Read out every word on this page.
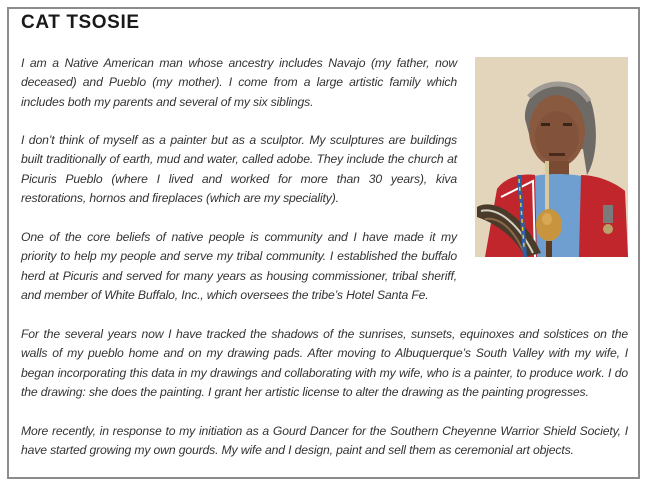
CAT TSOSIE

I am a Native American man whose ancestry includes Navajo (my father, now deceased) and Pueblo (my mother). I come from a large artistic family which includes both my parents and several of my six siblings.

I don’t think of myself as a painter but as a sculptor. My sculptures are buildings built traditionally of earth, mud and water, called adobe. They include the church at Picuris Pueblo (where I lived and worked for more than 30 years), kiva restorations, hornos and fireplaces (which are my speciality).

One of the core beliefs of native people is community and I have made it my priority to help my people and serve my tribal community. I established the buffalo herd at Picuris and served for many years as housing commissioner, tribal sheriff, and member of White Buffalo, Inc., which oversees the tribe’s Hotel Santa Fe.

For the several years now I have tracked the shadows of the sunrises, sunsets, equinoxes and solstices on the walls of my pueblo home and on my drawing pads. After moving to Albuquerque’s South Valley with my wife, I began incorporating this data in my drawings and collaborating with my wife, who is a painter, to produce work. I do the drawing: she does the painting. I grant her artistic license to alter the drawing as the painting progresses.

More recently, in response to my initiation as a Gourd Dancer for the Southern Cheyenne Warrior Shield Society, I have started growing my own gourds. My wife and I design, paint and sell them as ceremonial art objects.
